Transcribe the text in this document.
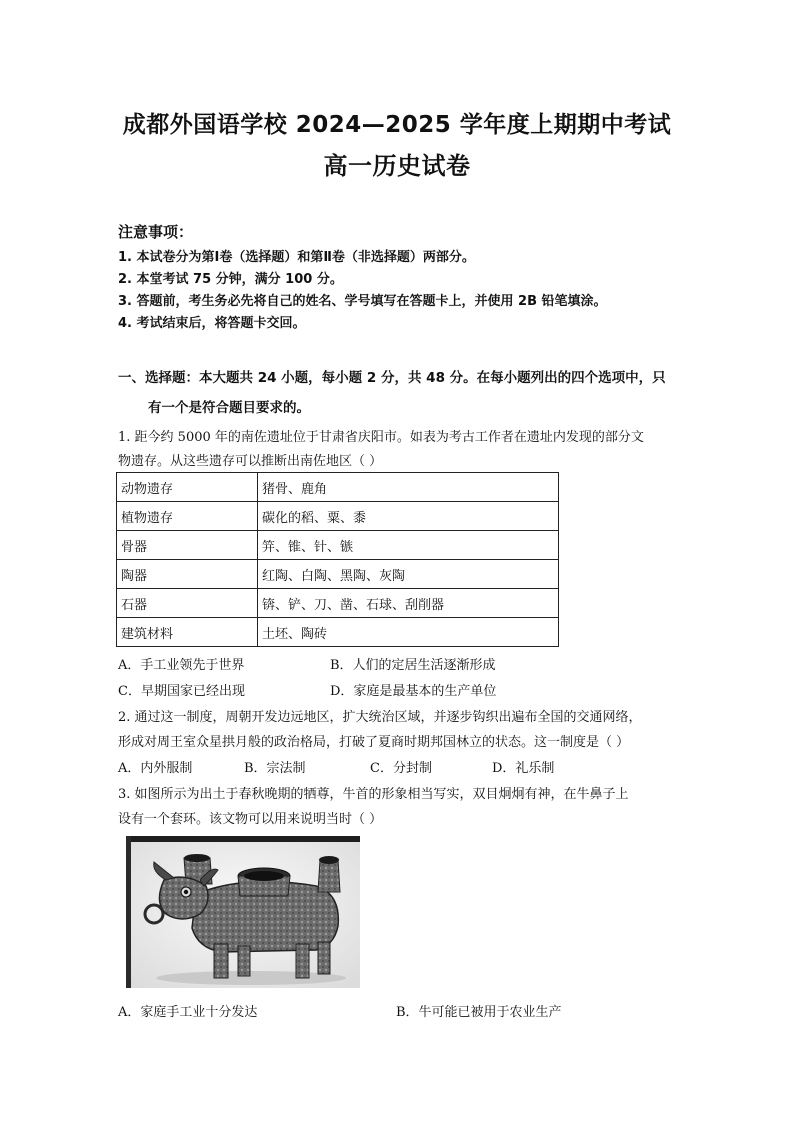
成都外国语学校 2024—2025 学年度上期期中考试
高一历史试卷
注意事项：
1. 本试卷分为第Ⅰ卷（选择题）和第Ⅱ卷（非选择题）两部分。
2. 本堂考试 75 分钟，满分 100 分。
3. 答题前，考生务必先将自己的姓名、学号填写在答题卡上，并使用 2B 铅笔填涂。
4. 考试结束后，将答题卡交回。
一、选择题：本大题共 24 小题，每小题 2 分，共 48 分。在每小题列出的四个选项中，只
有一个是符合题目要求的。
1. 距今约 5000 年的南佐遗址位于甘肃省庆阳市。如表为考古工作者在遗址内发现的部分文
物遗存。从这些遗存可以推断出南佐地区（ ）
动物遗存	猪骨、鹿角
植物遗存	碳化的稻、粟、黍
骨器	笄、锥、针、镞
陶器	红陶、白陶、黑陶、灰陶
石器	锛、铲、刀、凿、石球、刮削器
建筑材料	土坯、陶砖
A．手工业领先于世界	B．人们的定居生活逐渐形成
C．早期国家已经出现	D．家庭是最基本的生产单位
2. 通过这一制度，周朝开发边远地区，扩大统治区域，并逐步钩织出遍布全国的交通网络，
形成对周王室众星拱月般的政治格局，打破了夏商时期邦国林立的状态。这一制度是（ ）
A．内外服制	B．宗法制	C．分封制	D．礼乐制
3. 如图所示为出土于春秋晚期的牺尊，牛首的形象相当写实，双目炯炯有神，在牛鼻子上
设有一个套环。该文物可以用来说明当时（ ）
A．家庭手工业十分发达	B．牛可能已被用于农业生产
